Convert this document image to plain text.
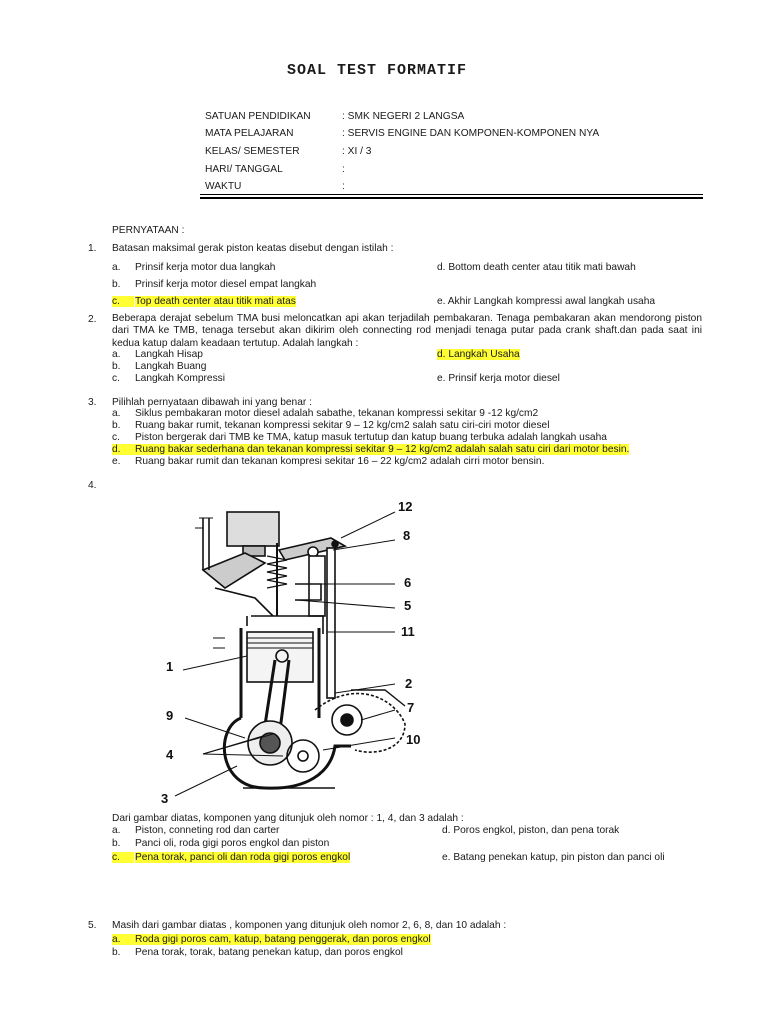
SOAL TEST FORMATIF
SATUAN PENDIDIKAN	: SMK NEGERI 2 LANGSA
MATA PELAJARAN	: SERVIS ENGINE DAN KOMPONEN-KOMPONEN NYA
KELAS/ SEMESTER	: XI / 3
HARI/ TANGGAL	:
WAKTU	:
PERNYATAAN :
1. Batasan maksimal gerak piston keatas disebut dengan istilah :
a. Prinsif kerja motor dua langkah
b. Prinsif kerja motor diesel empat langkah
c.	Top death center atau titik mati atas
d. Bottom death center atau titik mati bawah
e. Akhir Langkah kompressi awal langkah usaha
2. Beberapa derajat sebelum TMA busi meloncatkan api akan terjadilah pembakaran. Tenaga pembakaran akan mendorong piston dari TMA ke TMB, tenaga tersebut akan dikirim oleh connecting rod menjadi tenaga putar pada crank shaft.dan pada saat ini kedua katup dalam keadaan tertutup. Adalah langkah :
a. Langkah Hisap
b. Langkah Buang
c. Langkah Kompressi
d. Langkah Usaha
e. Prinsif kerja motor diesel
3. Pilihlah pernyataan dibawah ini yang benar :
a. Siklus pembakaran motor diesel adalah sabathe, tekanan kompressi sekitar 9 -12 kg/cm2
b. Ruang bakar rumit, tekanan kompressi sekitar 9 – 12 kg/cm2 salah satu ciri-ciri motor diesel
c. Piston bergerak dari TMB ke TMA, katup masuk tertutup dan katup buang terbuka adalah langkah usaha
d.	Ruang bakar sederhana dan tekanan kompressi sekitar 9 – 12 kg/cm2 adalah salah satu ciri dari motor besin.
e. Ruang bakar rumit dan tekanan kompresi sekitar 16 – 22 kg/cm2 adalah cirri motor bensin.
4.
12
8
6
5
11
1
2
9
7
10
4
3
Dari gambar diatas, komponen yang ditunjuk oleh nomor : 1, 4, dan 3 adalah :
a. Piston, conneting rod dan carter
b. Panci oli, roda gigi poros engkol dan piston
c.	Pena torak, panci oli dan roda gigi poros engkol
d. Poros engkol, piston, dan pena torak
e. Batang penekan katup, pin piston dan panci oli
5. Masih dari gambar diatas , komponen yang ditunjuk oleh nomor 2, 6, 8, dan 10 adalah :
a.	Roda gigi poros cam, katup, batang penggerak, dan poros engkol
b. Pena torak, torak, batang penekan katup, dan poros engkol
